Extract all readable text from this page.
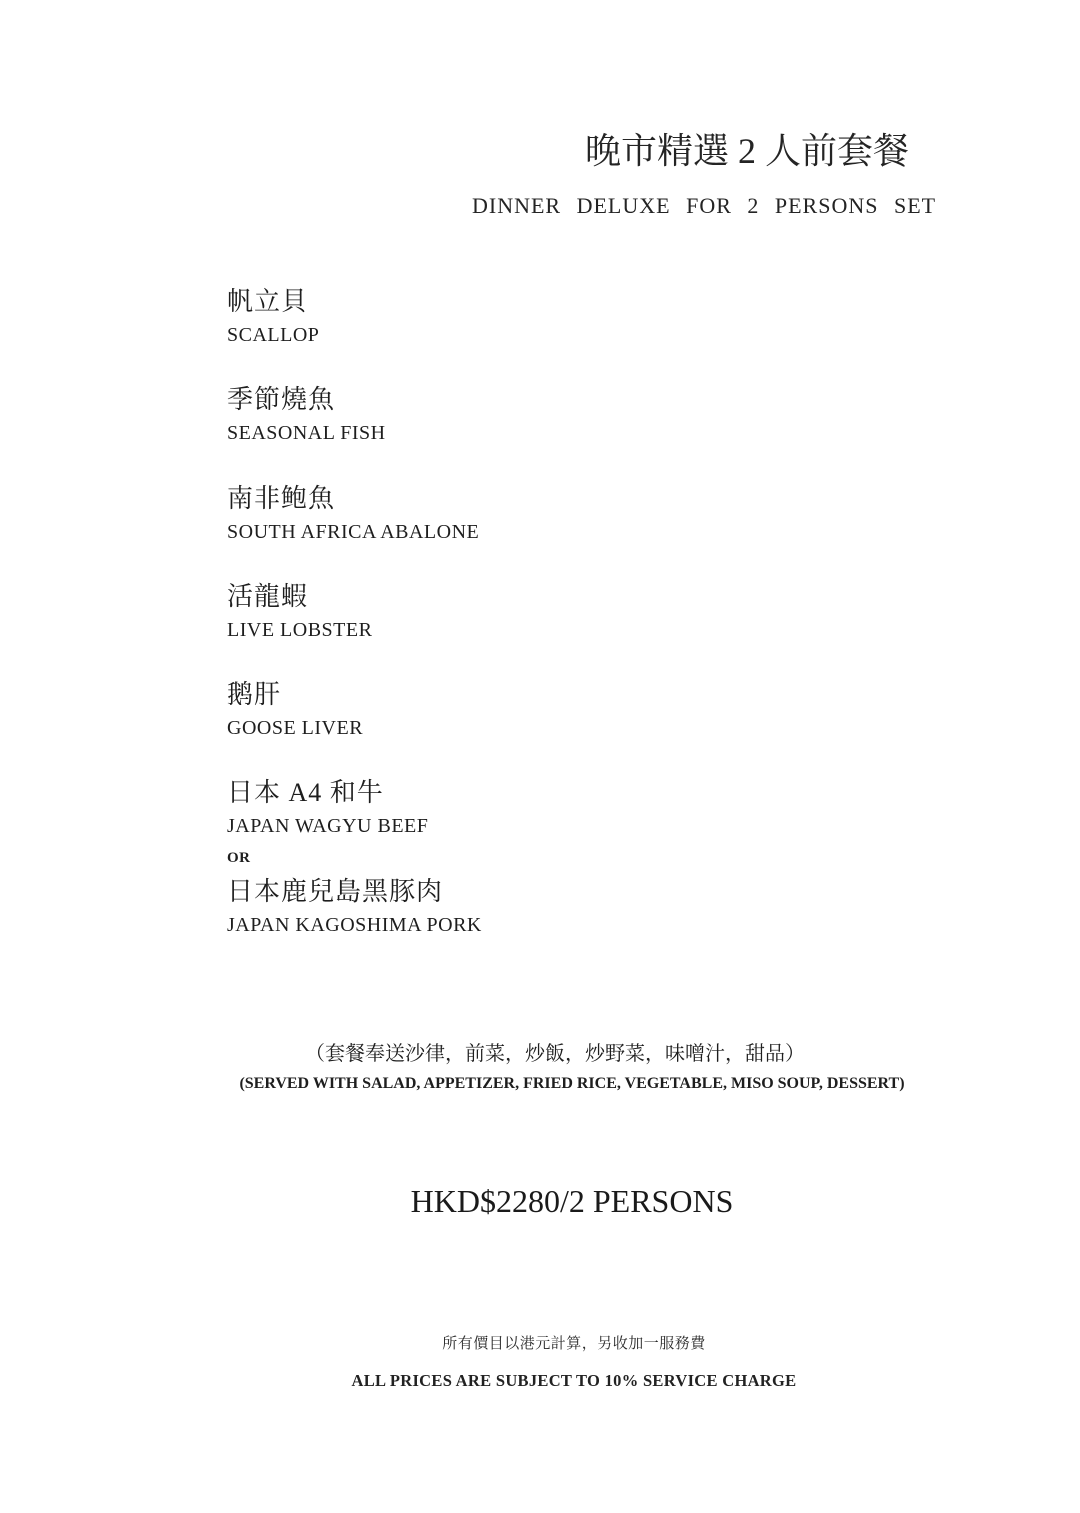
晚市精選 2 人前套餐
DINNER DELUXE FOR 2 PERSONS SET
帆立貝
SCALLOP
季節燒魚
SEASONAL FISH
南非鲍魚
SOUTH AFRICA ABALONE
活龍蝦
LIVE LOBSTER
鹅肝
GOOSE LIVER
日本 A4 和牛
JAPAN WAGYU BEEF
OR
日本鹿兒島黑豚肉
JAPAN KAGOSHIMA PORK
（套餐奉送沙律，前菜，炒飯，炒野菜，味噌汁，甜品）
(SERVED WITH SALAD, APPETIZER, FRIED RICE, VEGETABLE, MISO SOUP, DESSERT)
HKD$2280/2 PERSONS
所有價目以港元計算，另收加一服務費
ALL PRICES ARE SUBJECT TO 10% SERVICE CHARGE
